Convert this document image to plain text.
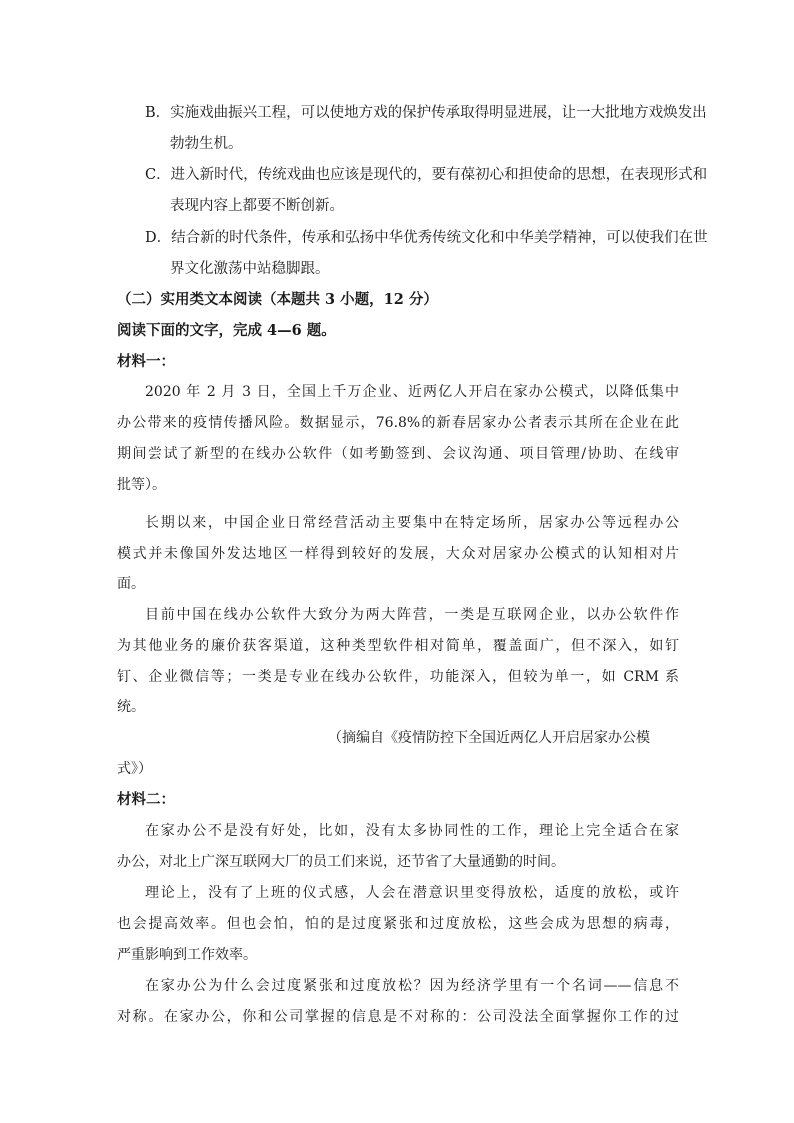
B．实施戏曲振兴工程，可以使地方戏的保护传承取得明显进展，让一大批地方戏焕发出
勃勃生机。
C．进入新时代，传统戏曲也应该是现代的，要有葆初心和担使命的思想，在表现形式和
表现内容上都要不断创新。
D．结合新的时代条件，传承和弘扬中华优秀传统文化和中华美学精神，可以使我们在世
界文化激荡中站稳脚跟。
（二）实用类文本阅读（本题共 3 小题，12 分）
阅读下面的文字，完成 4—6 题。
材料一：
2020 年 2 月 3 日，全国上千万企业、近两亿人开启在家办公模式，以降低集中
办公带来的疫情传播风险。数据显示，76.8%的新春居家办公者表示其所在企业在此
期间尝试了新型的在线办公软件（如考勤签到、会议沟通、项目管理/协助、在线审
批等）。
长期以来，中国企业日常经营活动主要集中在特定场所，居家办公等远程办公
模式并未像国外发达地区一样得到较好的发展，大众对居家办公模式的认知相对片
面。
目前中国在线办公软件大致分为两大阵营，一类是互联网企业，以办公软件作
为其他业务的廉价获客渠道，这种类型软件相对简单，覆盖面广，但不深入，如钉
钉、企业微信等；一类是专业在线办公软件，功能深入，但较为单一，如 CRM 系
统。
（摘编自《疫情防控下全国近两亿人开启居家办公模
式》）
材料二：
在家办公不是没有好处，比如，没有太多协同性的工作，理论上完全适合在家
办公，对北上广深互联网大厂的员工们来说，还节省了大量通勤的时间。
理论上，没有了上班的仪式感，人会在潜意识里变得放松，适度的放松，或许
也会提高效率。但也会怕，怕的是过度紧张和过度放松，这些会成为思想的病毒，
严重影响到工作效率。
在家办公为什么会过度紧张和过度放松？因为经济学里有一个名词——信息不
对称。在家办公，你和公司掌握的信息是不对称的：公司没法全面掌握你工作的过
